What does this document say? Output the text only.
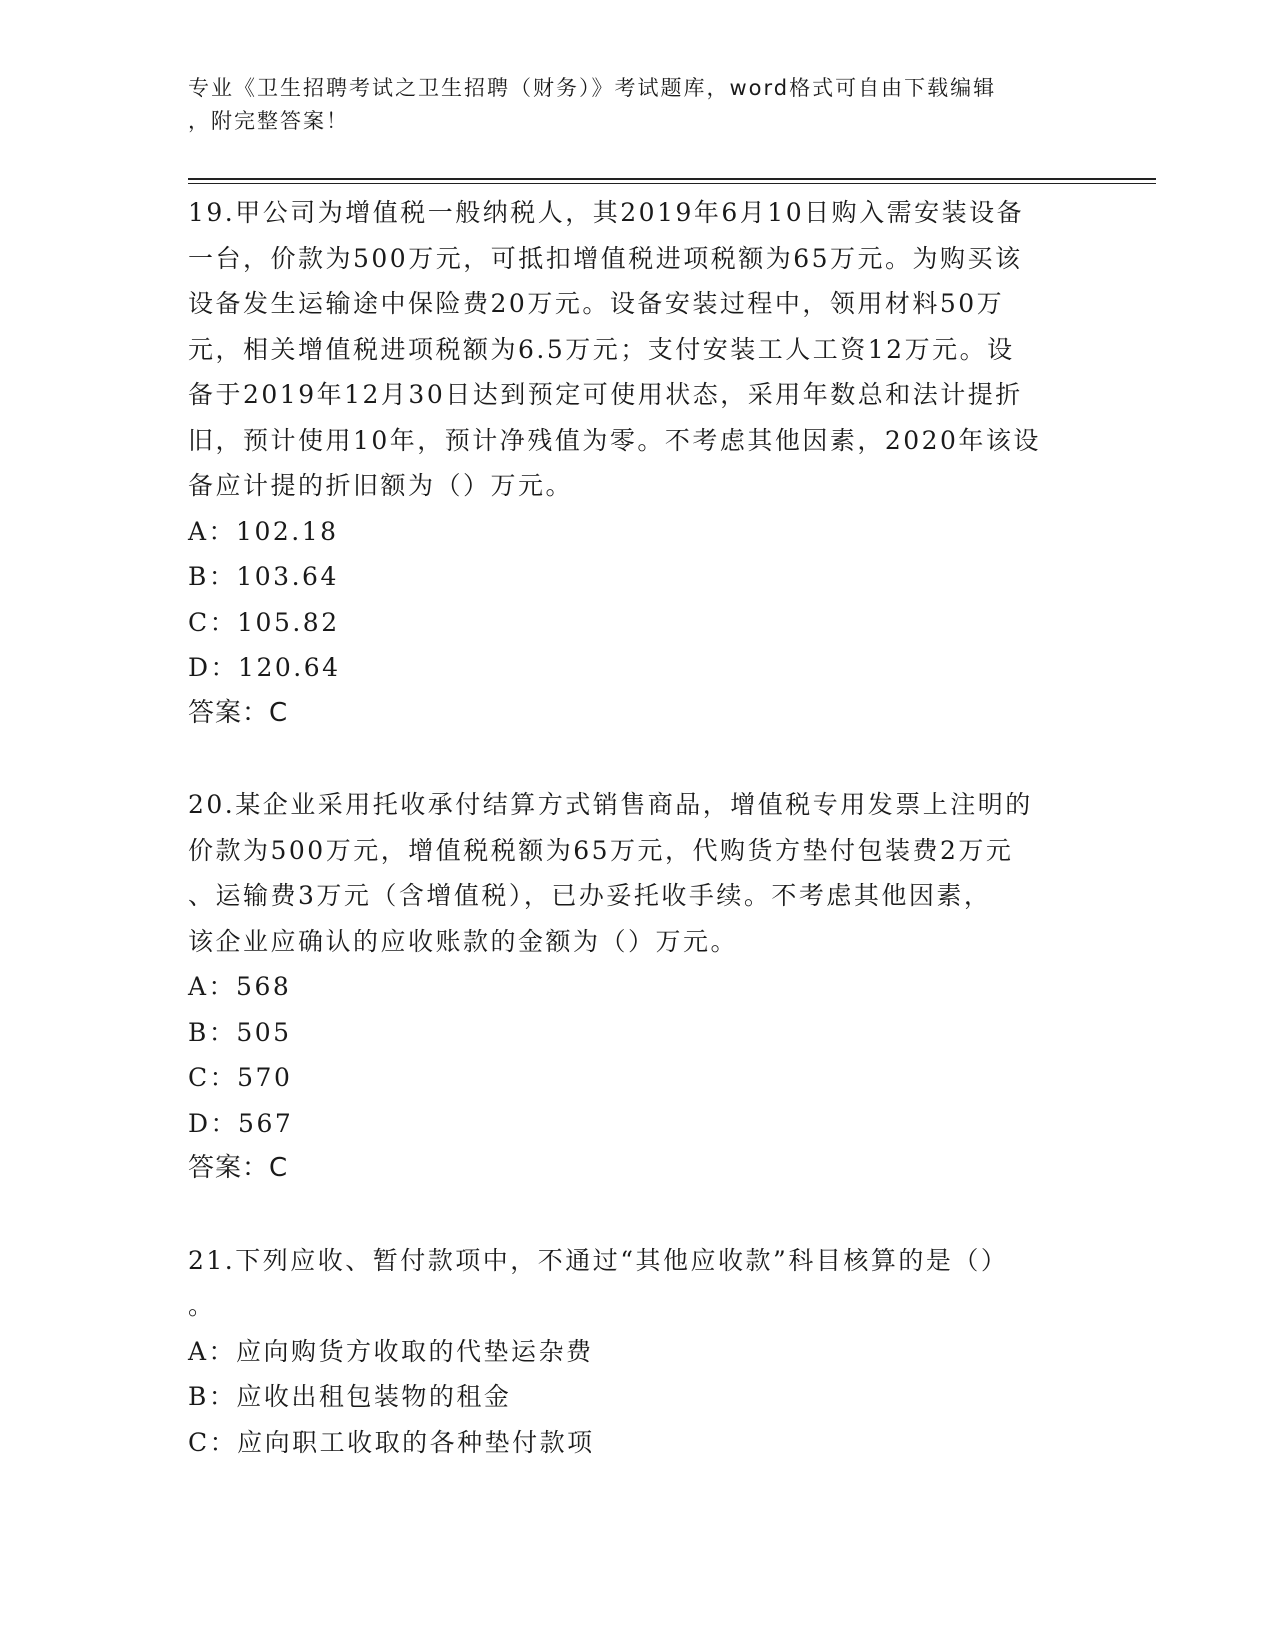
专业《卫生招聘考试之卫生招聘（财务）》考试题库，word格式可自由下载编辑
，附完整答案！
19.甲公司为增值税一般纳税人，其2019年6月10日购入需安装设备
一台，价款为500万元，可抵扣增值税进项税额为65万元。为购买该
设备发生运输途中保险费20万元。设备安装过程中，领用材料50万
元，相关增值税进项税额为6.5万元；支付安装工人工资12万元。设
备于2019年12月30日达到预定可使用状态，采用年数总和法计提折
旧，预计使用10年，预计净残值为零。不考虑其他因素，2020年该设
备应计提的折旧额为（）万元。
A：102.18
B：103.64
C：105.82
D：120.64
答案：C
20.某企业采用托收承付结算方式销售商品，增值税专用发票上注明的
价款为500万元，增值税税额为65万元，代购货方垫付包装费2万元
、运输费3万元（含增值税），已办妥托收手续。不考虑其他因素，
该企业应确认的应收账款的金额为（）万元。
A：568
B：505
C：570
D：567
答案：C
21.下列应收、暂付款项中，不通过“其他应收款”科目核算的是（）
。
A：应向购货方收取的代垫运杂费
B：应收出租包装物的租金
C：应向职工收取的各种垫付款项
